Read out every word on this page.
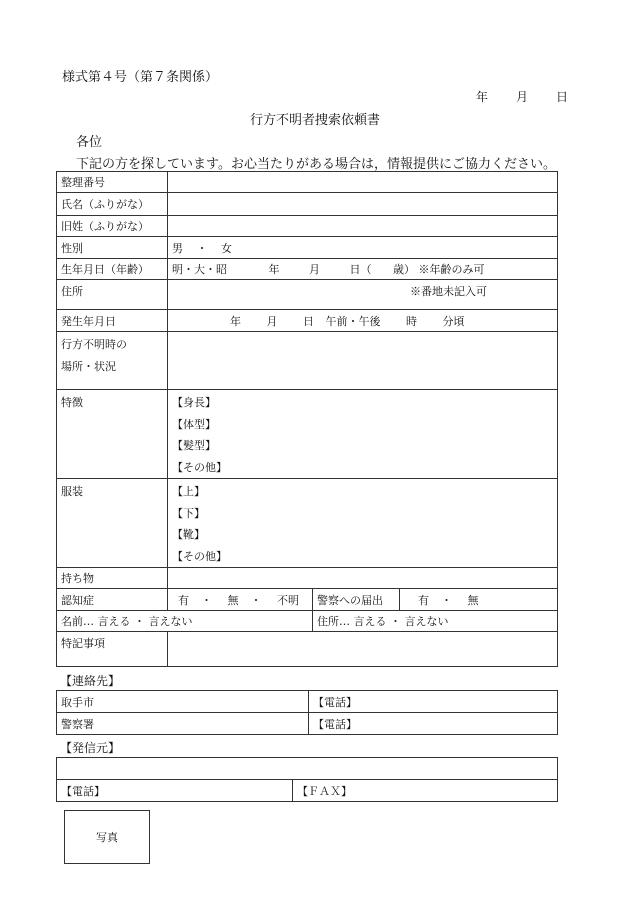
様式第４号（第７条関係）
年 月 日
行方不明者捜索依頼書
各位
下記の方を探しています。お心当たりがある場合は，情報提供にご協力ください。
整理番号			
氏名（ふりがな）			
旧姓（ふりがな）			
性別	男 ・ 女		
生年月日（年齢）	明・大・昭 年 月 日（ 歳） ※年齢のみ可		
住所	※番地未記入可		
発生年月日	年 月 日 午前・午後 時 分頃		

行方不明時の
場所・状況			

特徴	【身長】
【体型】
【髪型】
【その他】		

服装	【上】
【下】
【靴】
【その他】		

持ち物			
認知症	有 ・ 無 ・ 不明	警察への届出	有 ・ 無
名前… 言える ・ 言えない		住所… 言える ・ 言えない	
特記事項			
【連絡先】
取手市	【電話】
警察署	【電話】
【発信元】

【電話】	【ＦＡＸ】
写真
